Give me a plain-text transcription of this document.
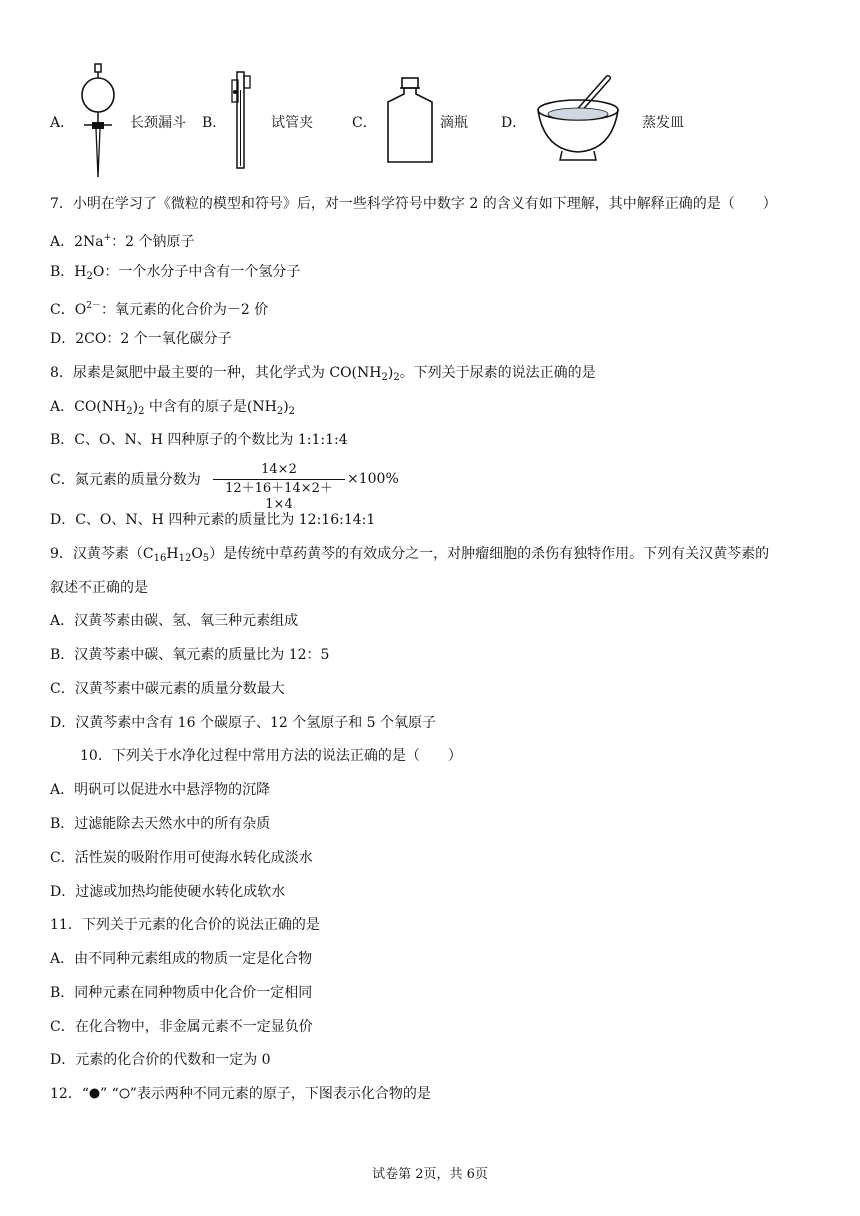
A．	长颈漏斗 B．	试管夹	C．	滴瓶 D．	蒸发皿
7．小明在学习了《微粒的模型和符号》后，对一些科学符号中数字 2 的含义有如下理解，其中解释正确的是（　　）
A．2Na+：2 个钠原子
B．$H_2O$：一个水分子中含有一个氢分子
C．$O^{2-}$：氧元素的化合价为－2 价
D．2CO：2 个一氧化碳分子
8．尿素是氮肥中最主要的一种，其化学式为 $CO(NH_2)_2$。下列关于尿素的说法正确的是
A．$CO(NH_2)_2$ 中含有的原子是$(NH_2)_2$
B．C、O、N、H 四种原子的个数比为 1:1:1:4
C．氮元素的质量分数为
14×2
12＋16＋14×2＋1×4
×100%
D．C、O、N、H 四种元素的质量比为 12:16:14:1
9．汉黄芩素$(C_{16}H_{12}O_5)$是传统中草药黄芩的有效成分之一，对肿瘤细胞的杀伤有独特作用。下列有关汉黄芩素的
叙述不正确的是
A．汉黄芩素由碳、氢、氧三种元素组成
B．汉黄芩素中碳、氧元素的质量比为 12：5
C．汉黄芩素中碳元素的质量分数最大
D．汉黄芩素中含有 16 个碳原子、12 个氢原子和 5 个氧原子
10．下列关于水净化过程中常用方法的说法正确的是（　　）
A．明矾可以促进水中悬浮物的沉降
B．过滤能除去天然水中的所有杂质
C．活性炭的吸附作用可使海水转化成淡水
D．过滤或加热均能使硬水转化成软水
11．下列关于元素的化合价的说法正确的是
A．由不同种元素组成的物质一定是化合物
B．同种元素在同种物质中化合价一定相同
C．在化合物中，非金属元素不一定显负价
D．元素的化合价的代数和一定为 0
12．“ ” “ ”表示两种不同元素的原子，下图表示化合物的是
试卷第 2页，共 6页
